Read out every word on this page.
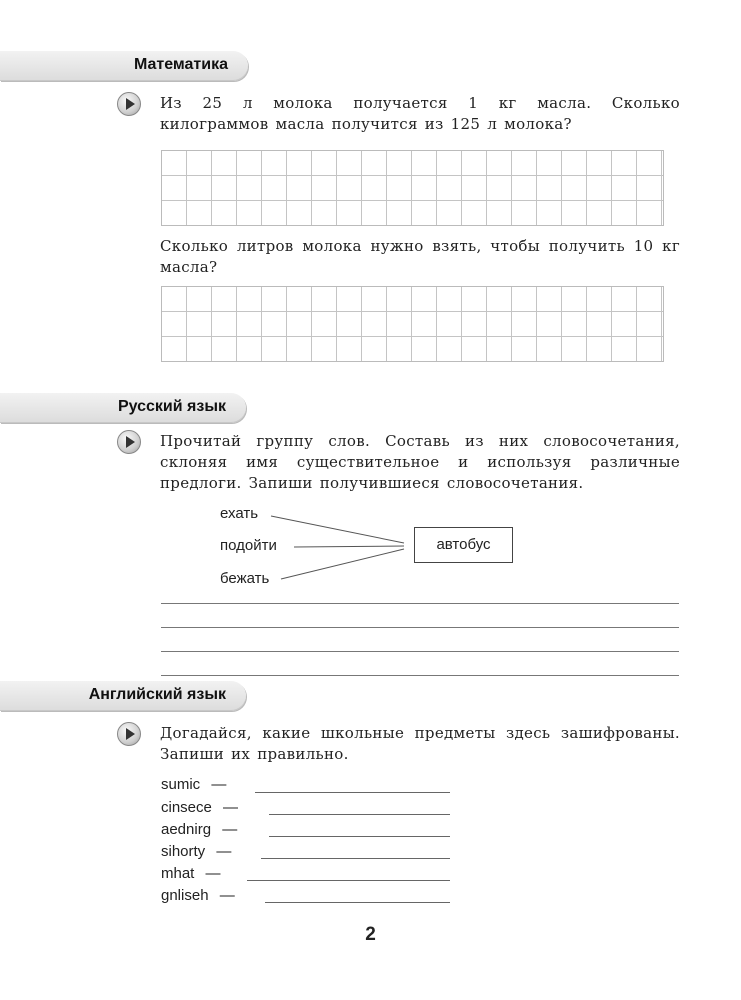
Математика
Из 25 л молока получается 1 кг масла. Сколько килограммов масла получится из 125 л молока?
Сколько литров молока нужно взять, чтобы получить 10 кг масла?
Русский язык
Прочитай группу слов. Составь из них словосочетания, склоняя имя существительное и используя различные предлоги. Запиши получившиеся словосочетания.
ехать
подойти
бежать
автобус
Английский язык
Догадайся, какие школьные предметы здесь зашифрованы. Запиши их правильно.
sumic —
cinsece —
aednirg —
sihorty —
mhat —
gnliseh —
2
